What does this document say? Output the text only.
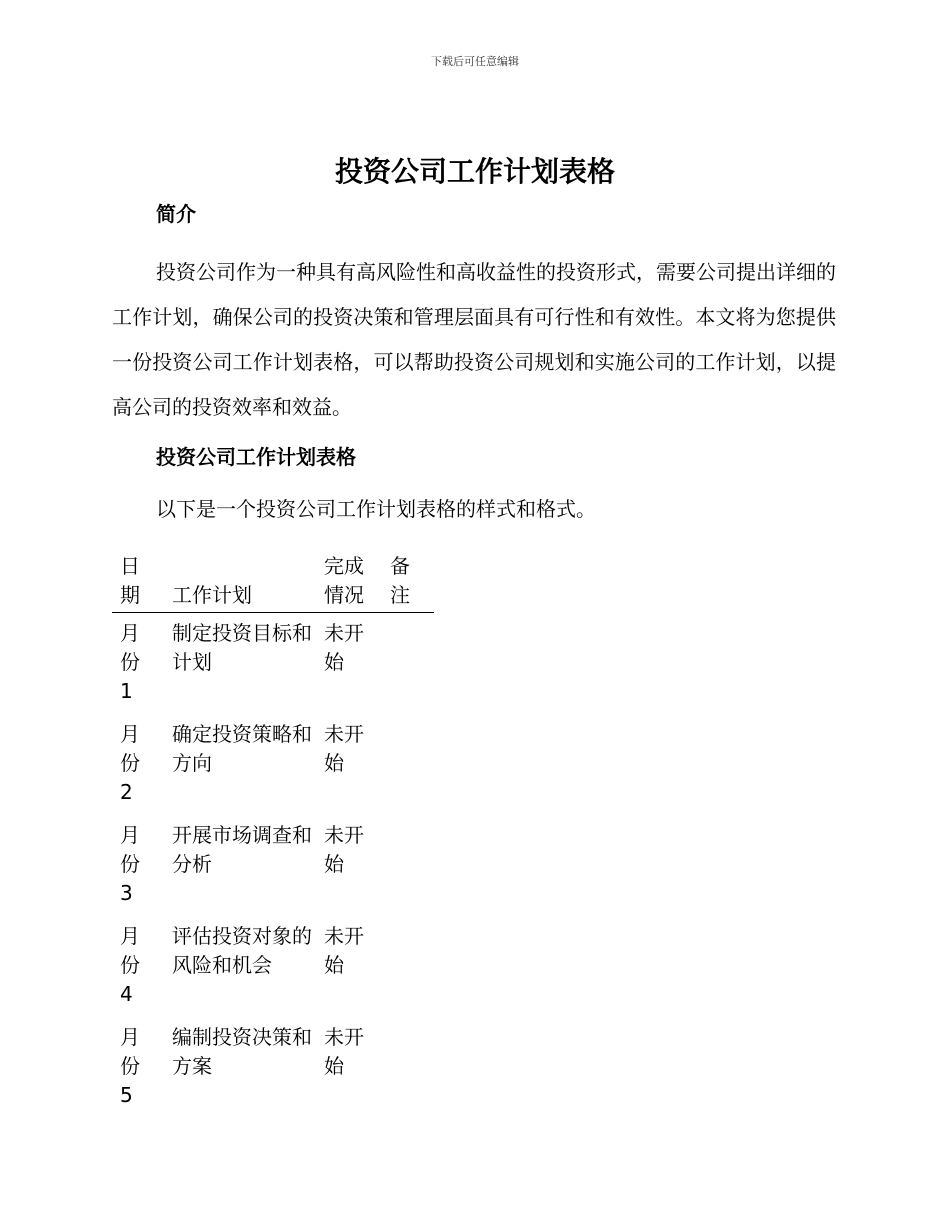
下载后可任意编辑
投资公司工作计划表格
简介

投资公司作为一种具有高风险性和高收益性的投资形式，需要公司提出详细的工作计划，确保公司的投资决策和管理层面具有可行性和有效性。本文将为您提供一份投资公司工作计划表格，可以帮助投资公司规划和实施公司的工作计划，以提高公司的投资效率和效益。

投资公司工作计划表格

以下是一个投资公司工作计划表格的样式和格式。

日期	工作计划	完成情况	备注
月份1	制定投资目标和计划	未开始	
月份2	确定投资策略和方向	未开始	
月份3	开展市场调查和分析	未开始	
月份4	评估投资对象的风险和机会	未开始	
月份5	编制投资决策和方案	未开始	
